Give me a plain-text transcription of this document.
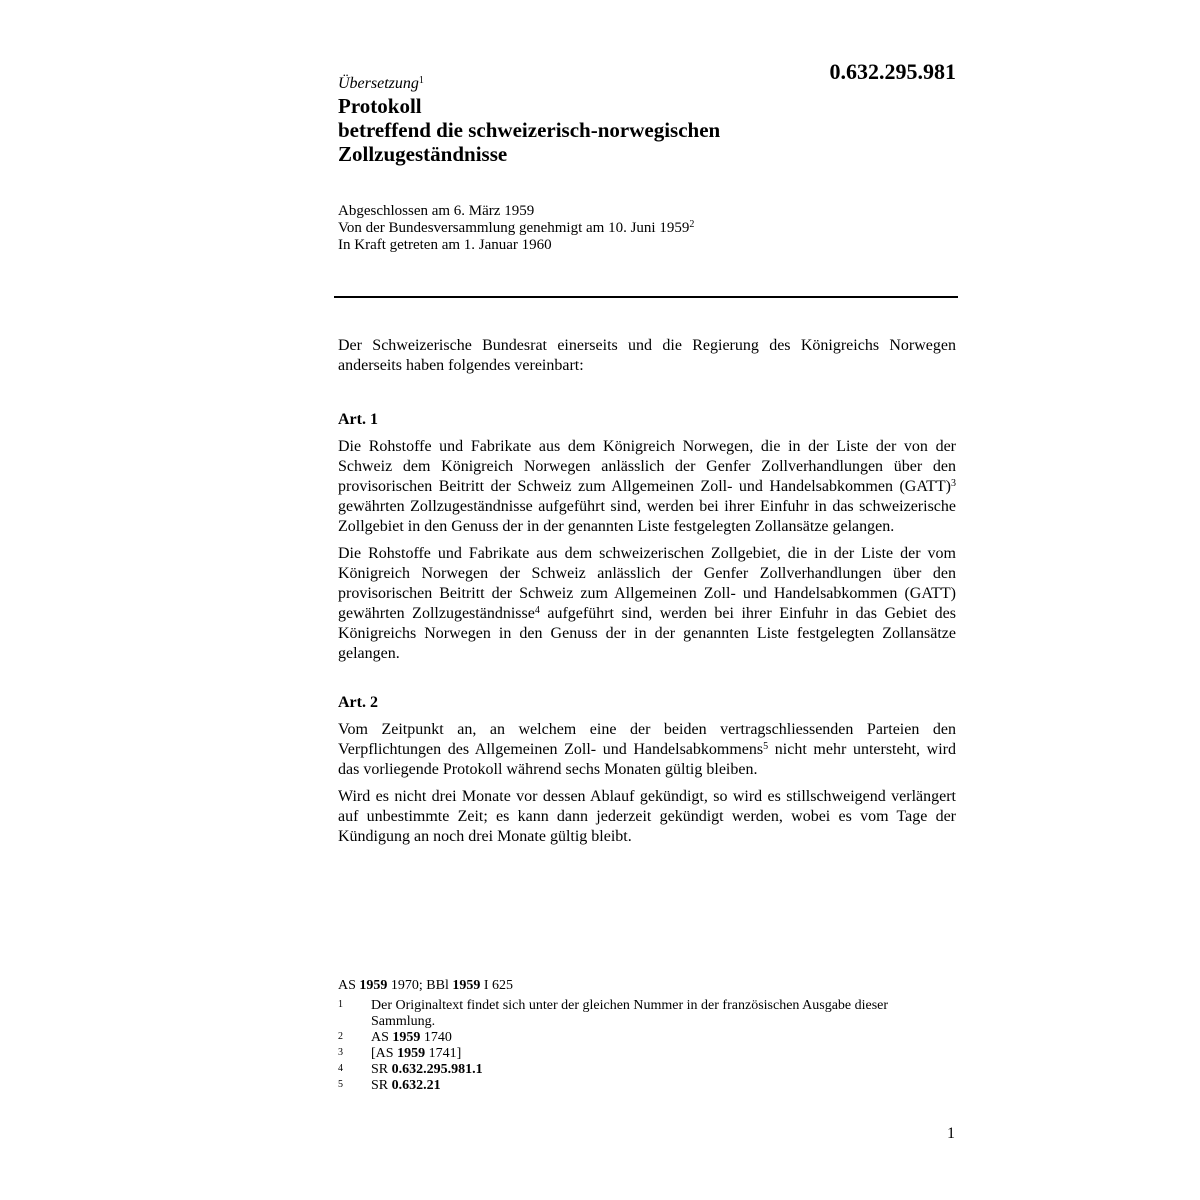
0.632.295.981
Übersetzung$^1$
Protokoll
betreffend die schweizerisch-norwegischen
Zollzugeständnisse
Abgeschlossen am 6. März 1959
Von der Bundesversammlung genehmigt am 10. Juni 1959$^2$
In Kraft getreten am 1. Januar 1960

Der Schweizerische Bundesrat einerseits und die Regierung des Königreichs Norwegen anderseits haben folgendes vereinbart:

Art. 1

Die Rohstoffe und Fabrikate aus dem Königreich Norwegen, die in der Liste der von der Schweiz dem Königreich Norwegen anlässlich der Genfer Zollverhandlungen über den provisorischen Beitritt der Schweiz zum Allgemeinen Zoll- und Handelsabkommen (GATT)$^3$ gewährten Zollzugeständnisse aufgeführt sind, werden bei ihrer Einfuhr in das schweizerische Zollgebiet in den Genuss der in der genannten Liste festgelegten Zollansätze gelangen.

Die Rohstoffe und Fabrikate aus dem schweizerischen Zollgebiet, die in der Liste der vom Königreich Norwegen der Schweiz anlässlich der Genfer Zollverhandlungen über den provisorischen Beitritt der Schweiz zum Allgemeinen Zoll- und Handelsabkommen (GATT) gewährten Zollzugeständnisse$^4$ aufgeführt sind, werden bei ihrer Einfuhr in das Gebiet des Königreichs Norwegen in den Genuss der in der genannten Liste festgelegten Zollansätze gelangen.

Art. 2

Vom Zeitpunkt an, an welchem eine der beiden vertragschliessenden Parteien den Verpflichtungen des Allgemeinen Zoll- und Handelsabkommens$^5$ nicht mehr untersteht, wird das vorliegende Protokoll während sechs Monaten gültig bleiben.

Wird es nicht drei Monate vor dessen Ablauf gekündigt, so wird es stillschweigend verlängert auf unbestimmte Zeit; es kann dann jederzeit gekündigt werden, wobei es vom Tage der Kündigung an noch drei Monate gültig bleibt.

AS 1959 1970; BBl 1959 I 625
1	Der Originaltext findet sich unter der gleichen Nummer in der französischen Ausgabe dieser Sammlung.
2	AS 1959 1740
3	[AS 1959 1741]
4	SR 0.632.295.981.1
5	SR 0.632.21
1
